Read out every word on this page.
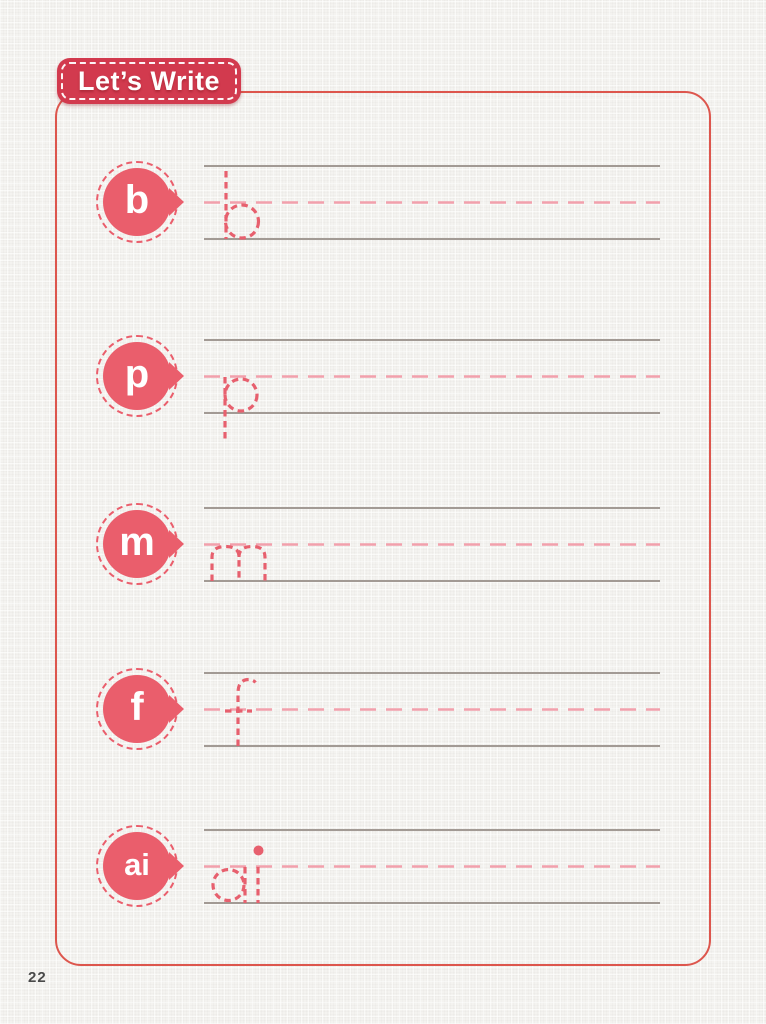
Let’s Write
b
p
m
f
ai
22
